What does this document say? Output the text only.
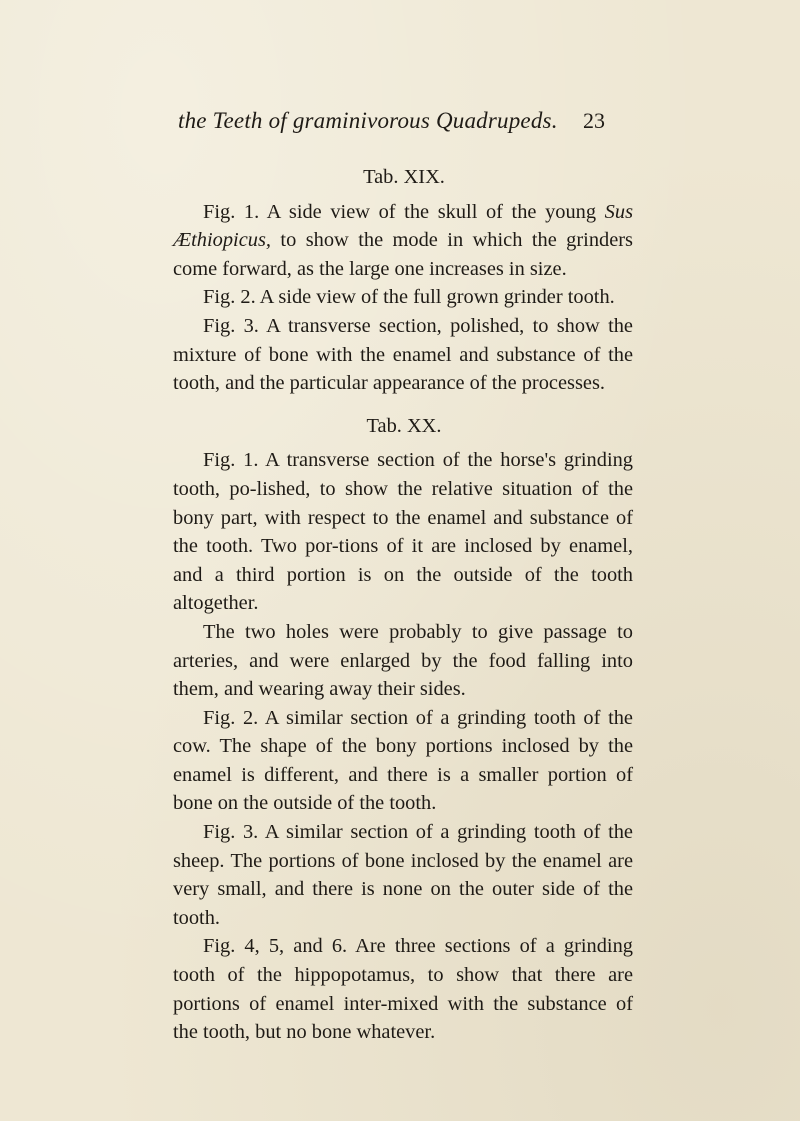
the Teeth of graminivorous Quadrupeds. 23
Tab. XIX.

Fig. 1. A side view of the skull of the young Sus Æthiopicus, to show the mode in which the grinders come forward, as the large one increases in size.

Fig. 2. A side view of the full grown grinder tooth.

Fig. 3. A transverse section, polished, to show the mixture of bone with the enamel and substance of the tooth, and the particular appearance of the processes.

Tab. XX.

Fig. 1. A transverse section of the horse's grinding tooth, po-lished, to show the relative situation of the bony part, with respect to the enamel and substance of the tooth. Two por-tions of it are inclosed by enamel, and a third portion is on the outside of the tooth altogether.

The two holes were probably to give passage to arteries, and were enlarged by the food falling into them, and wearing away their sides.

Fig. 2. A similar section of a grinding tooth of the cow. The shape of the bony portions inclosed by the enamel is different, and there is a smaller portion of bone on the outside of the tooth.

Fig. 3. A similar section of a grinding tooth of the sheep. The portions of bone inclosed by the enamel are very small, and there is none on the outer side of the tooth.

Fig. 4, 5, and 6. Are three sections of a grinding tooth of the hippopotamus, to show that there are portions of enamel inter-mixed with the substance of the tooth, but no bone whatever.
